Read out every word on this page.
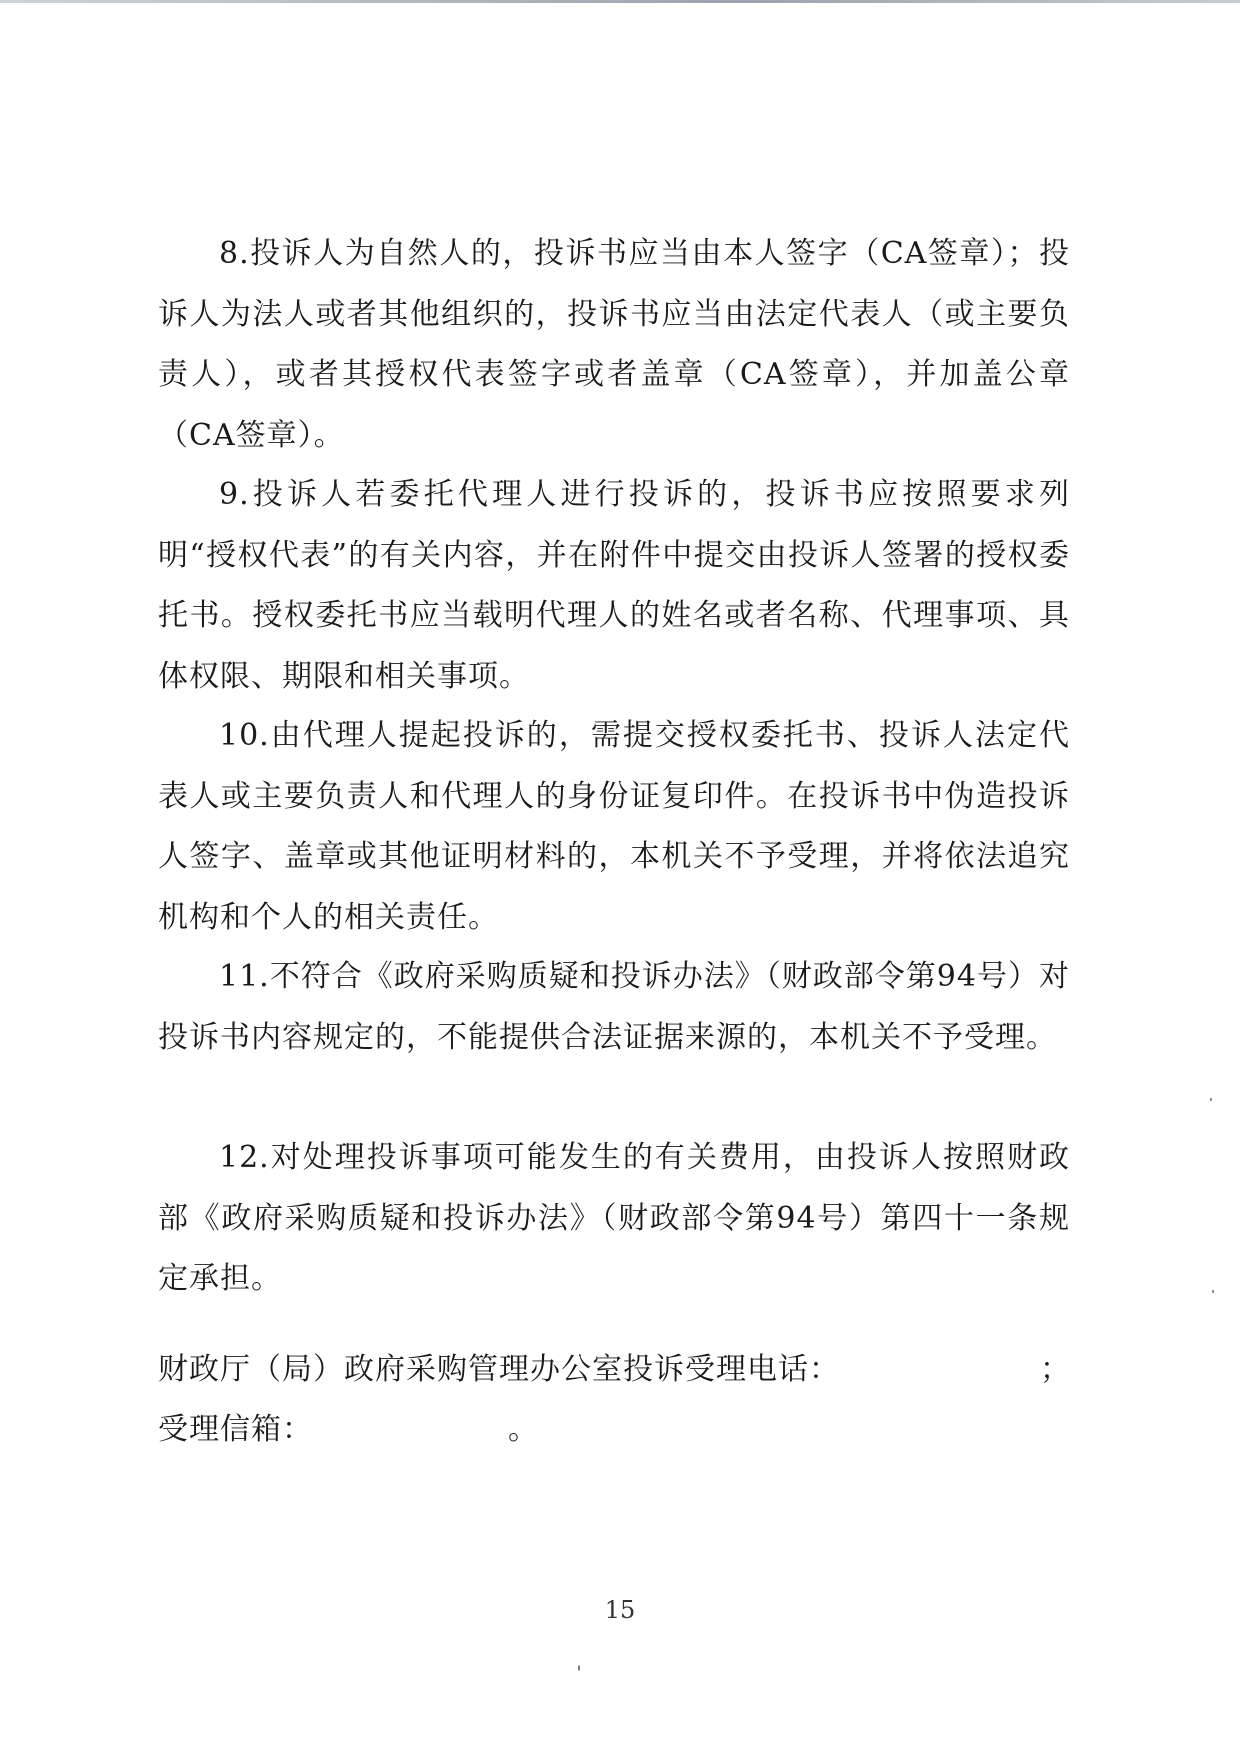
8.投诉人为自然人的，投诉书应当由本人签字（CA签章）；投诉人为法人或者其他组织的，投诉书应当由法定代表人（或主要负责人），或者其授权代表签字或者盖章（CA签章），并加盖公章（CA签章）。

9.投诉人若委托代理人进行投诉的，投诉书应按照要求列明“授权代表”的有关内容，并在附件中提交由投诉人签署的授权委托书。授权委托书应当载明代理人的姓名或者名称、代理事项、具体权限、期限和相关事项。

10.由代理人提起投诉的，需提交授权委托书、投诉人法定代表人或主要负责人和代理人的身份证复印件。在投诉书中伪造投诉人签字、盖章或其他证明材料的，本机关不予受理，并将依法追究机构和个人的相关责任。

11.不符合《政府采购质疑和投诉办法》（财政部令第94号）对投诉书内容规定的，不能提供合法证据来源的，本机关不予受理。

12.对处理投诉事项可能发生的有关费用，由投诉人按照财政部《政府采购质疑和投诉办法》（财政部令第94号）第四十一条规定承担。

财政厅（局）政府采购管理办公室投诉受理电话：	；
受理信箱：	。
15
